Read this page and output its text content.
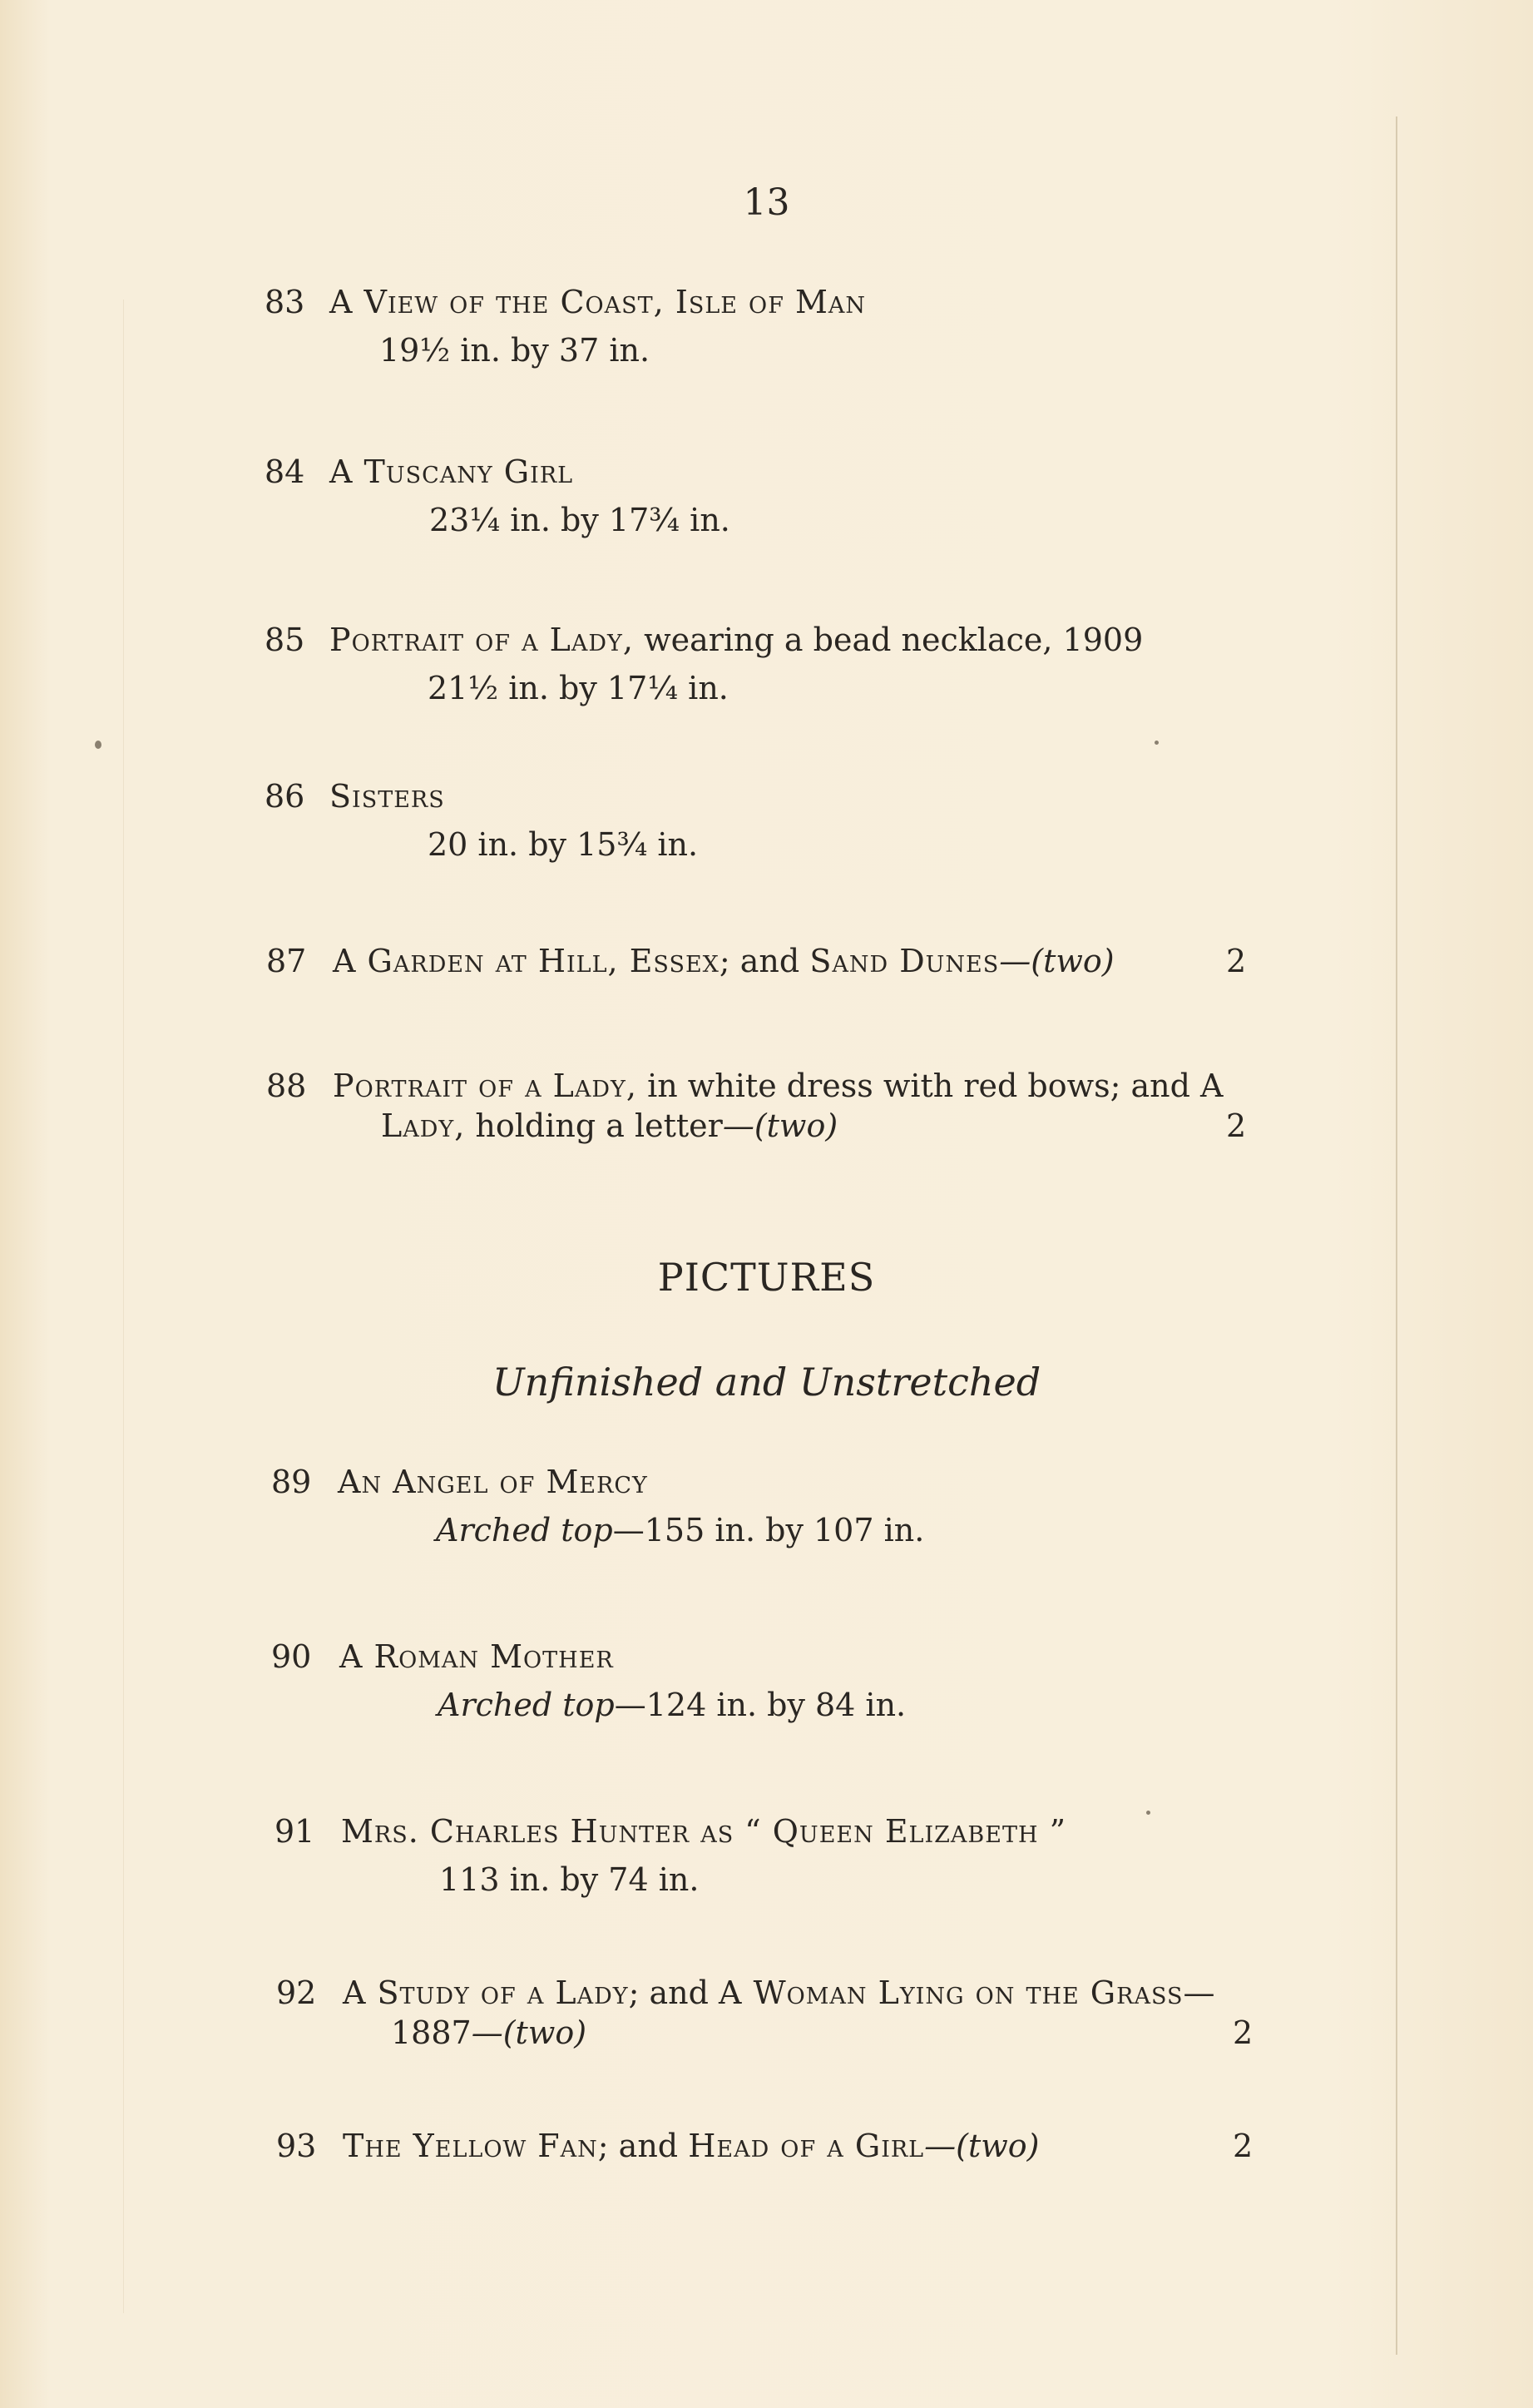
13
83 A View of the Coast, Isle of Man
19½ in. by 37 in.
84 A Tuscany Girl
23¼ in. by 17¾ in.
85 Portrait of a Lady, wearing a bead necklace, 1909
21½ in. by 17¼ in.
86 Sisters
20 in. by 15¾ in.
87 A Garden at Hill, Essex; and Sand Dunes—(two)	2
88 Portrait of a Lady, in white dress with red bows; and A
Lady, holding a letter—(two)	2
PICTURES
Unfinished and Unstretched
89 An Angel of Mercy
Arched top—155 in. by 107 in.
90 A Roman Mother
Arched top—124 in. by 84 in.
91 Mrs. Charles Hunter as “ Queen Elizabeth ”
113 in. by 74 in.
92 A Study of a Lady; and A Woman Lying on the Grass—
1887—(two)	2
93 The Yellow Fan; and Head of a Girl—(two)	2
